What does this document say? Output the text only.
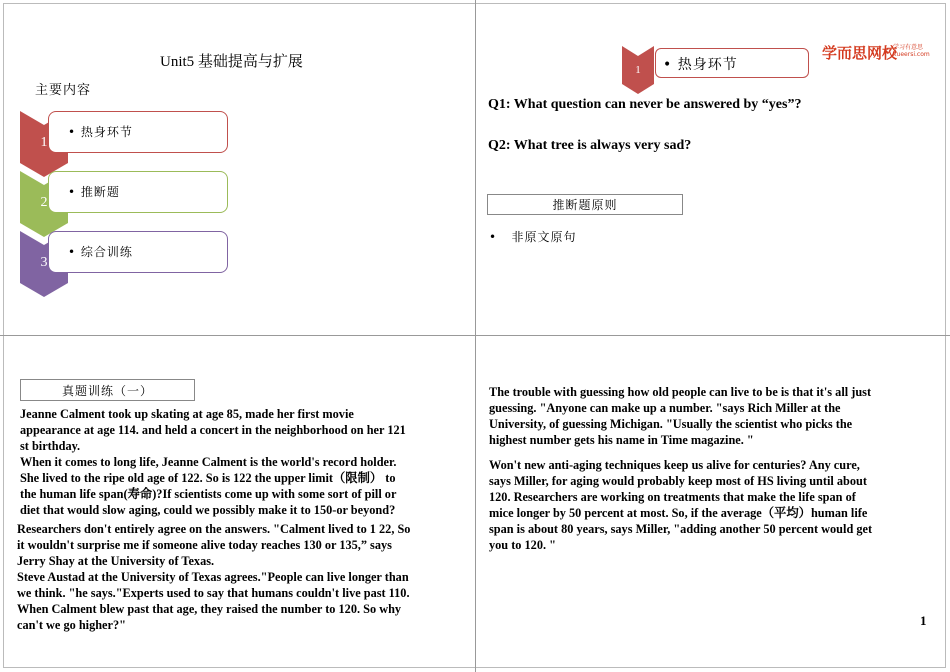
Unit5 基础提高与扩展
主要内容
• 热身环节
1
• 推断题
2
• 综合训练
3
• 热身环节
1
学而思网校
学习有意思
xueersi.com
Q1: What question can never be answered by “yes”?
Q2: What tree is always very sad?
推断题原则
• 非原文原句
真题训练（一）

Jeanne Calment took up skating at age 85, made her first movie

appearance at age 114. and held a concert in the neighborhood on her 121

st birthday.

When it comes to long life, Jeanne Calment is the world's record holder.

She lived to the ripe old age of 122. So is 122 the upper limit（限制） to

the human life span(寿命)?If scientists come up with some sort of pill or

diet that would slow aging, could we possibly make it to 150-or beyond?

Researchers don't entirely agree on the answers. "Calment lived to 1 22, So

it wouldn't surprise me if someone alive today reaches 130 or 135,” says

Jerry Shay at the University of Texas.

Steve Austad at the University of Texas agrees."People can live longer than

we think. "he says."Experts used to say that humans couldn't live past 110.

When Calment blew past that age, they raised the number to 120. So why

can't we go higher?"

The trouble with guessing how old people can live to be is that it's all just

guessing. "Anyone can make up a number. "says Rich Miller at the

University, of guessing Michigan. "Usually the scientist who picks the

highest number gets his name in Time magazine. "

Won't new anti-aging techniques keep us alive for centuries? Any cure,

says Miller, for aging would probably keep most of HS living until about

120. Researchers are working on treatments that make the life span of

mice longer by 50 percent at most. So, if the average（平均）human life

span is about 80 years, says Miller, "adding another 50 percent would get

you to 120. "

1
